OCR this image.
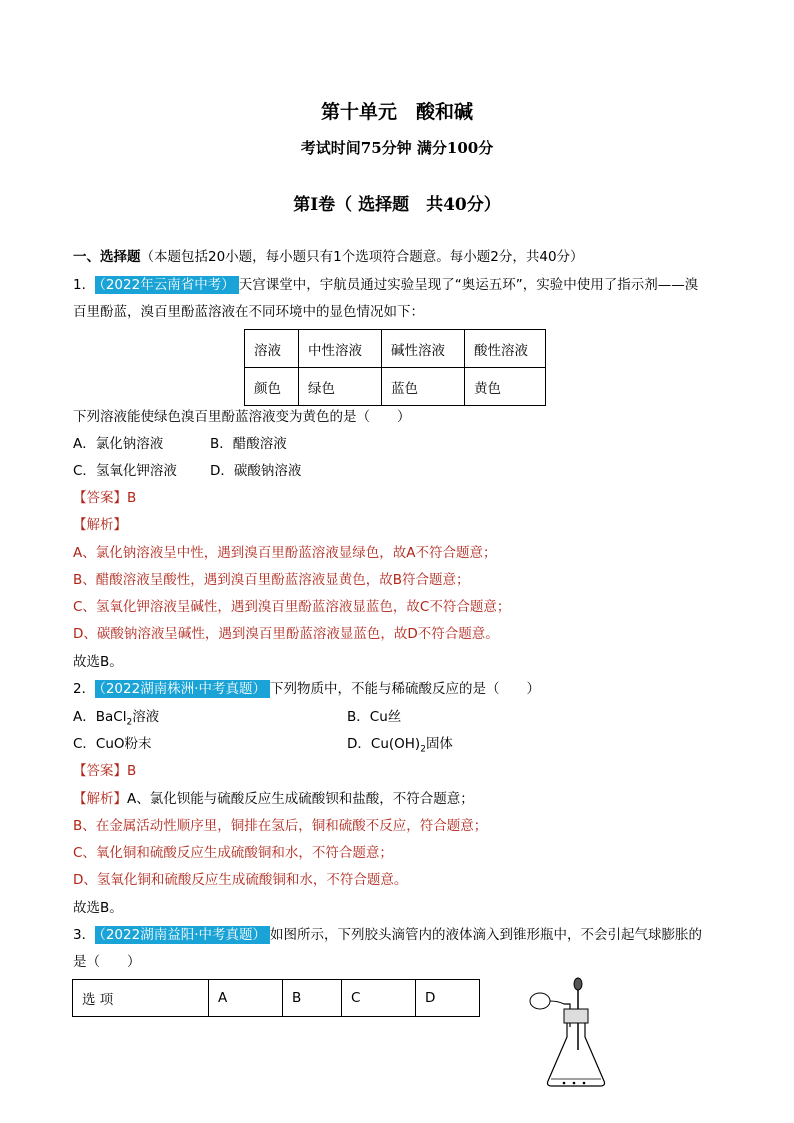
第十单元　酸和碱
考试时间75分钟 满分100分
第Ⅰ卷（ 选择题　共40分）
一、选择题（本题包括20小题，每小题只有1个选项符合题意。每小题2分，共40分）
1． （2022年云南省中考） 天宫课堂中，宇航员通过实验呈现了“奥运五环”，实验中使用了指示剂——溴
百里酚蓝，溴百里酚蓝溶液在不同环境中的显色情况如下：
溶液	中性溶液	碱性溶液	酸性溶液
颜色	绿色	蓝色	黄色
下列溶液能使绿色溴百里酚蓝溶液变为黄色的是（　　）
A．氯化钠溶液	B．醋酸溶液
C．氢氧化钾溶液 D．碳酸钠溶液
【答案】B
【解析】
A、氯化钠溶液呈中性，遇到溴百里酚蓝溶液显绿色，故A不符合题意；
B、醋酸溶液呈酸性，遇到溴百里酚蓝溶液显黄色，故B符合题意；
C、氢氧化钾溶液呈碱性，遇到溴百里酚蓝溶液显蓝色，故C不符合题意；
D、碳酸钠溶液呈碱性，遇到溴百里酚蓝溶液显蓝色，故D不符合题意。
故选B。
2． （2022湖南株洲·中考真题） 下列物质中，不能与稀硫酸反应的是（　　）
A．BaCl$_2$溶液	B．Cu丝
C．CuO粉末	D．$Cu(OH)_2$固体
【答案】B
【解析】A、氯化钡能与硫酸反应生成硫酸钡和盐酸，不符合题意；
B、在金属活动性顺序里，铜排在氢后，铜和硫酸不反应，符合题意；
C、氧化铜和硫酸反应生成硫酸铜和水，不符合题意；
D、氢氧化铜和硫酸反应生成硫酸铜和水，不符合题意。
故选B。
3． （2022湖南益阳·中考真题） 如图所示，下列胶头滴管内的液体滴入到锥形瓶中，不会引起气球膨胀的
是（　　）
选 项	A	B	C	D
